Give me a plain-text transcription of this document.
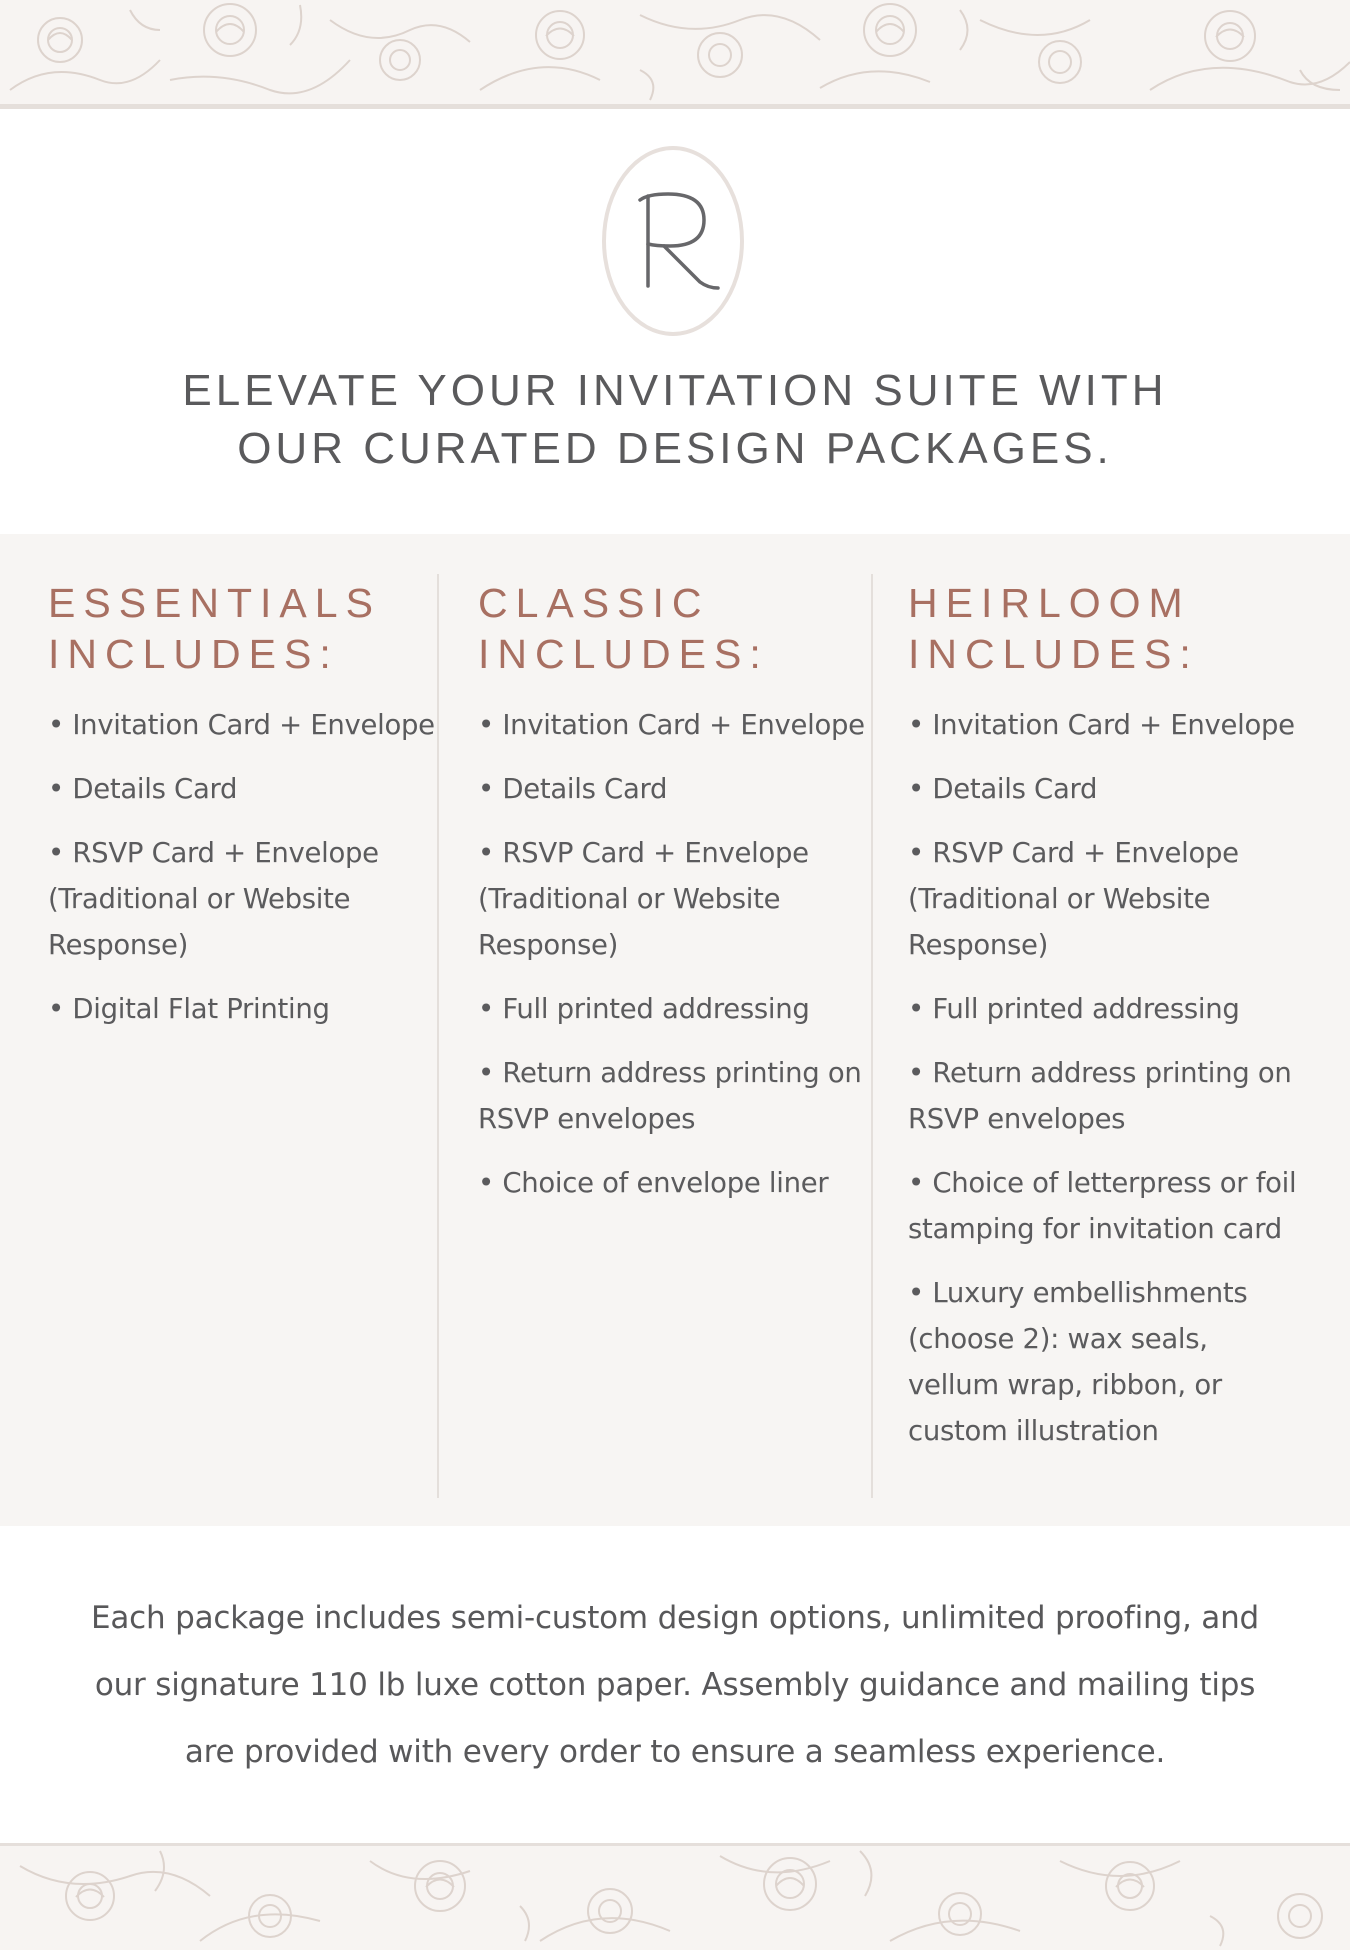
ELEVATE YOUR INVITATION SUITE WITH
OUR CURATED DESIGN PACKAGES.
ESSENTIALS
INCLUDES:
• Invitation Card + Envelope
• Details Card
• RSVP Card + Envelope (Traditional or Website Response)
• Digital Flat Printing
CLASSIC
INCLUDES:
• Invitation Card + Envelope
• Details Card
• RSVP Card + Envelope (Traditional or Website Response)
• Full printed addressing
• Return address printing on RSVP envelopes
• Choice of envelope liner
HEIRLOOM
INCLUDES:
• Invitation Card + Envelope
• Details Card
• RSVP Card + Envelope (Traditional or Website Response)
• Full printed addressing
• Return address printing on RSVP envelopes
• Choice of letterpress or foil stamping for invitation card
• Luxury embellishments (choose 2): wax seals, vellum wrap, ribbon, or custom illustration
Each package includes semi-custom design options, unlimited proofing, and our signature 110 lb luxe cotton paper. Assembly guidance and mailing tips are provided with every order to ensure a seamless experience.
